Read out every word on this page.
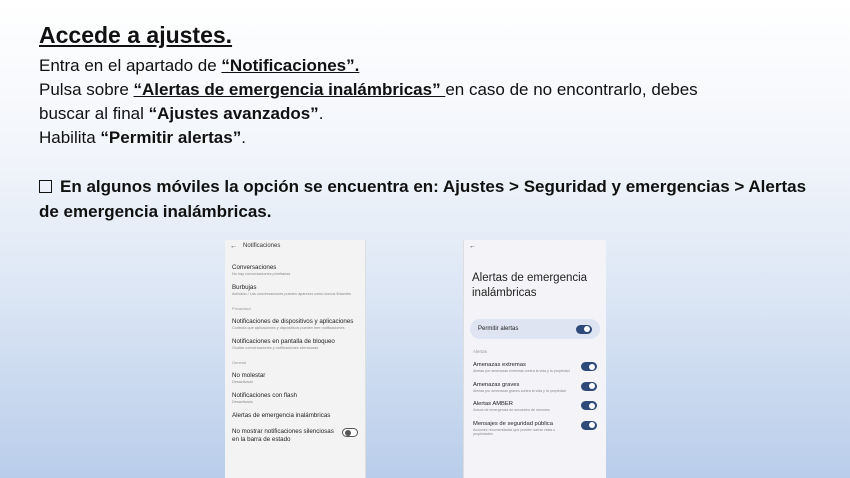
Accede a ajustes.
Entra en el apartado de “Notificaciones”.
Pulsa sobre “Alertas de emergencia inalámbricas” en caso de no encontrarlo, debes
buscar al final “Ajustes avanzados”.
Habilita “Permitir alertas”.
En algunos móviles la opción se encuentra en: Ajustes > Seguridad y emergencias > Alertas de emergencia inalámbricas.
← Notificaciones
Conversaciones
No hay conversaciones prioritarias
Burbujas
Activado / Las conversaciones pueden aparecer como iconos flotantes
Privacidad
Notificaciones de dispositivos y aplicaciones
Controla qué aplicaciones y dispositivos pueden leer notificaciones
Notificaciones en pantalla de bloqueo
Ocultar conversaciones y notificaciones silenciosas
General
No molestar
Desactivado
Notificaciones con flash
Desactivado
Alertas de emergencia inalámbricas
No mostrar notificaciones silenciosas en la barra de estado
←
Alertas de emergencia inalámbricas
Permitir alertas
Alertas
Amenazas extremas
Alertas por amenazas extremas contra la vida y la propiedad
Amenazas graves
Alertas por amenazas graves contra la vida y la propiedad
Alertas AMBER
Avisos de emergencia de secuestro de menores
Mensajes de seguridad pública
Acciones recomendadas que pueden salvar vidas o propiedades
